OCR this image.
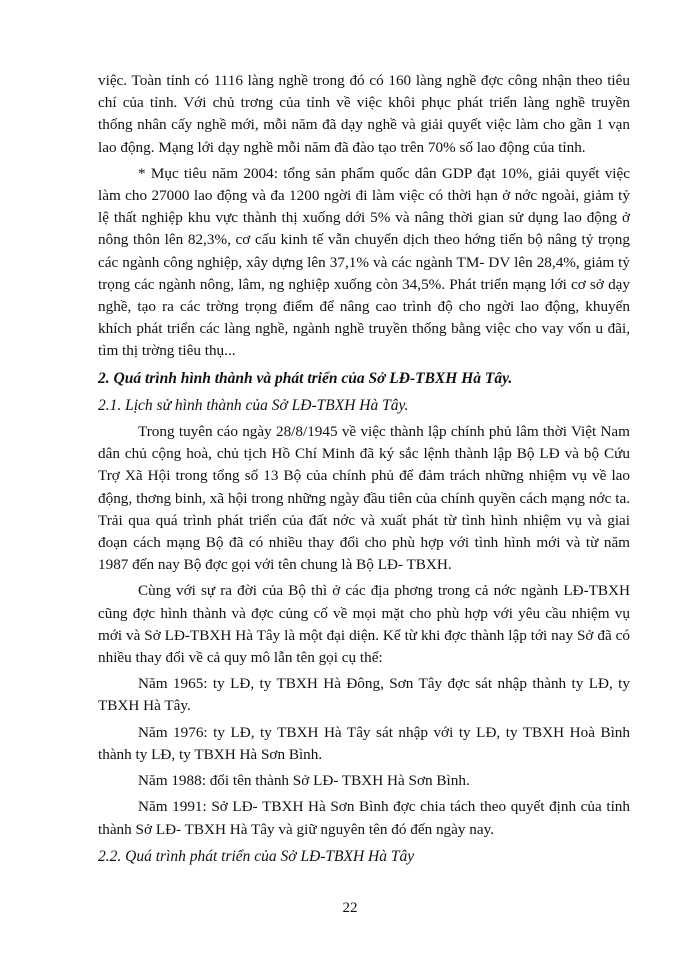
việc. Toàn tỉnh có 1116 làng nghề trong đó có 160 làng nghề đợc công nhận theo tiêu chí của tỉnh. Với chủ trơng của tỉnh về việc khôi phục phát triển làng nghề truyền thống nhân cấy nghề mới, mỗi năm đã dạy nghề và giải quyết việc làm cho gần 1 vạn lao động. Mạng lới dạy nghề mỗi năm đã đào tạo trên 70% số lao động của tỉnh.

* Mục tiêu năm 2004: tổng sản phẩm quốc dân GDP đạt 10%, giải quyết việc làm cho 27000 lao động và đa 1200 ngời đi làm việc có thời hạn ở nớc ngoài, giảm tỷ lệ thất nghiệp khu vực thành thị xuống dới 5% và nâng thời gian sử dụng lao động ở nông thôn lên 82,3%, cơ cấu kinh tế vẫn chuyển dịch theo hớng tiến bộ nâng tỷ trọng các ngành công nghiệp, xây dựng lên 37,1% và các ngành TM- DV lên 28,4%, giảm tỷ trọng các ngành nông, lâm, ng nghiệp xuống còn 34,5%. Phát triển mạng lới cơ sở dạy nghề, tạo ra các trờng trọng điểm để nâng cao trình độ cho ngời lao động, khuyến khích phát triển các làng nghề, ngành nghề truyền thống bằng việc cho vay vốn u đãi, tìm thị trờng tiêu thụ...

2. Quá trình hình thành và phát triển của Sở LĐ-TBXH Hà Tây.

2.1. Lịch sử hình thành của Sở LĐ-TBXH Hà Tây.

Trong tuyên cáo ngày 28/8/1945 về việc thành lập chính phủ lâm thời Việt Nam dân chủ cộng hoà, chủ tịch Hồ Chí Minh đã ký sắc lệnh thành lập Bộ LĐ và bộ Cứu Trợ Xã Hội trong tổng số 13 Bộ của chính phủ để đảm trách những nhiệm vụ về lao động, thơng binh, xã hội trong những ngày đầu tiên của chính quyền cách mạng nớc ta. Trải qua quá trình phát triển của đất nớc và xuất phát từ tình hình nhiệm vụ và giai đoạn cách mạng Bộ đã có nhiều thay đổi cho phù hợp với tình hình mới và từ năm 1987 đến nay Bộ đợc gọi với tên chung là Bộ LĐ- TBXH.

Cùng với sự ra đời của Bộ thì ở các địa phơng trong cả nớc ngành LĐ-TBXH cũng đợc hình thành và đợc củng cố về mọi mặt cho phù hợp với yêu cầu nhiệm vụ mới và Sở LĐ-TBXH Hà Tây là một đại diện. Kể từ khi đợc thành lập tới nay Sở đã có nhiều thay đổi về cả quy mô lẫn tên gọi cụ thể:

Năm 1965: ty LĐ, ty TBXH Hà Đông, Sơn Tây đợc sát nhập thành ty LĐ, ty TBXH Hà Tây.

Năm 1976: ty LĐ, ty TBXH Hà Tây sát nhập với ty LĐ, ty TBXH Hoà Bình thành ty LĐ, ty TBXH Hà Sơn Bình.

Năm 1988: đổi tên thành Sở LĐ- TBXH Hà Sơn Bình.

Năm 1991: Sở LĐ- TBXH Hà Sơn Bình đợc chia tách theo quyết định của tỉnh thành Sở LĐ- TBXH Hà Tây và giữ nguyên tên đó đến ngày nay.

2.2. Quá trình phát triển của Sở LĐ-TBXH Hà Tây

22
